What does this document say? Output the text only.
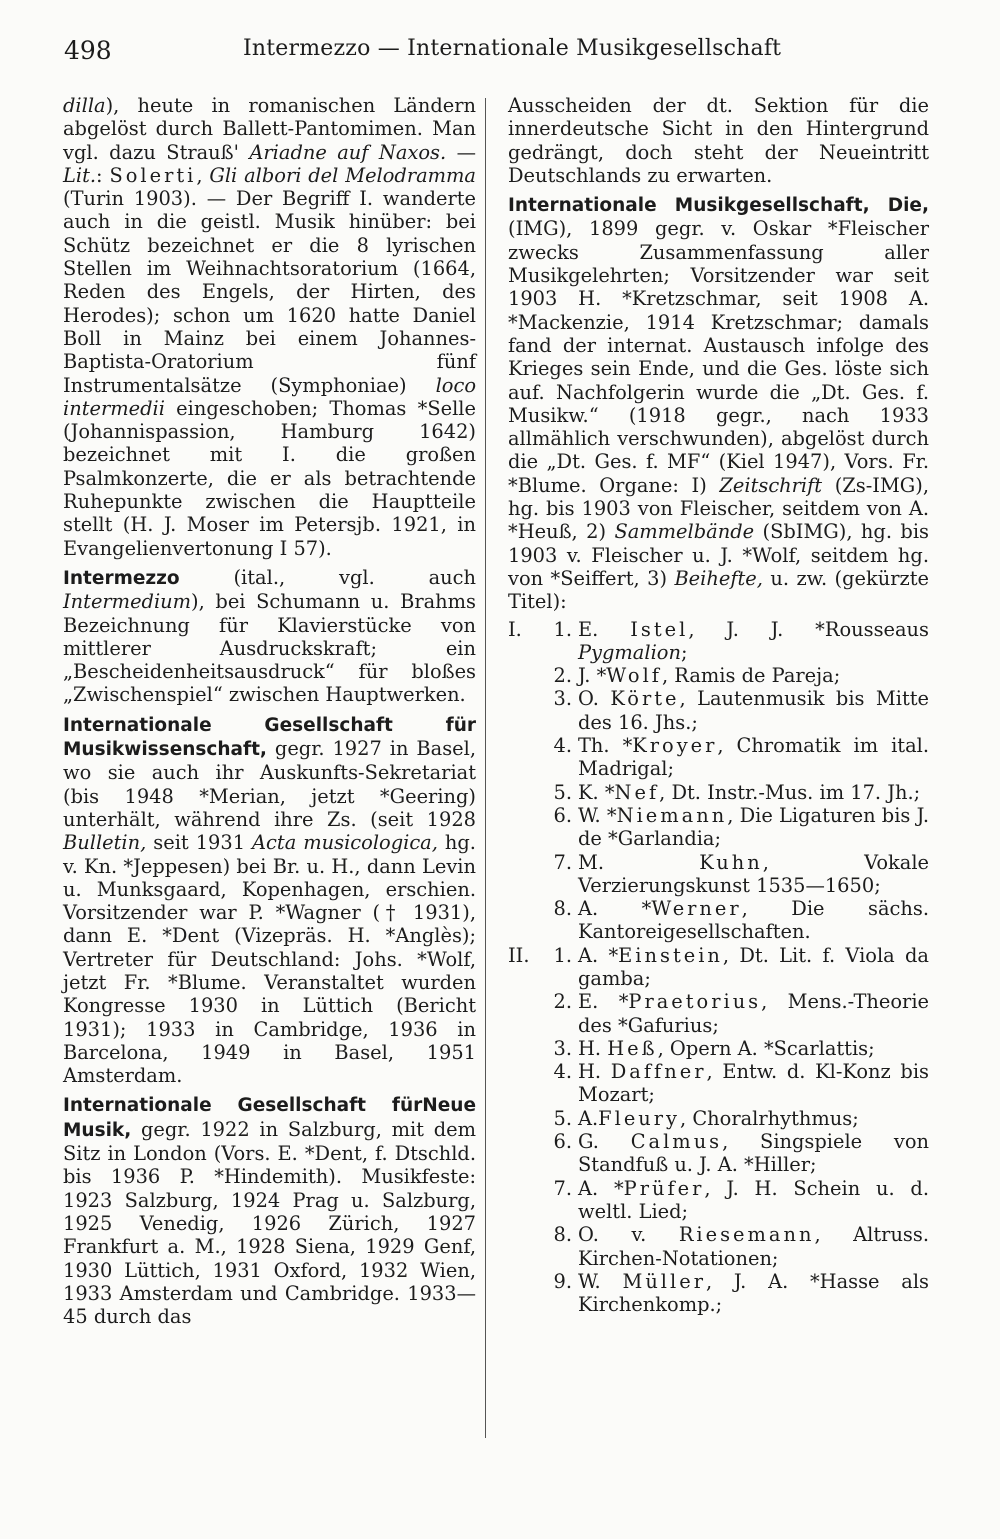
498	Intermezzo — Internationale Musikgesellschaft

dilla), heute in romanischen Ländern abgelöst durch Ballett-Pantomimen. Man vgl. dazu Strauß' Ariadne auf Naxos. — Lit.: Solerti, Gli albori del Melodramma (Turin 1903). — Der Begriff I. wanderte auch in die geistl. Musik hinüber: bei Schütz bezeichnet er die 8 lyrischen Stellen im Weihnachtsoratorium (1664, Reden des Engels, der Hirten, des Herodes); schon um 1620 hatte Daniel Boll in Mainz bei einem Johannes-Baptista-Oratorium fünf Instrumentalsätze (Symphoniae) loco intermedii eingeschoben; Thomas *Selle (Johannispassion, Hamburg 1642) bezeichnet mit I. die großen Psalmkonzerte, die er als betrachtende Ruhepunkte zwischen die Hauptteile stellt (H. J. Moser im Petersjb. 1921, in Evangelienvertonung I 57).

Intermezzo (ital., vgl. auch Intermedium), bei Schumann u. Brahms Bezeichnung für Klavierstücke von mittlerer Ausdruckskraft; ein „Bescheidenheitsausdruck“ für bloßes „Zwischenspiel“ zwischen Hauptwerken.

Internationale Gesellschaft für Musikwissenschaft, gegr. 1927 in Basel, wo sie auch ihr Auskunfts-Sekretariat (bis 1948 *Merian, jetzt *Geering) unterhält, während ihre Zs. (seit 1928 Bulletin, seit 1931 Acta musicologica, hg. v. Kn. *Jeppesen) bei Br. u. H., dann Levin u. Munksgaard, Kopenhagen, erschien. Vorsitzender war P. *Wagner († 1931), dann E. *Dent (Vizepräs. H. *Anglès); Vertreter für Deutschland: Johs. *Wolf, jetzt Fr. *Blume. Veranstaltet wurden Kongresse 1930 in Lüttich (Bericht 1931); 1933 in Cambridge, 1936 in Barcelona, 1949 in Basel, 1951 Amsterdam.

Internationale Gesellschaft fürNeue Musik, gegr. 1922 in Salzburg, mit dem Sitz in London (Vors. E. *Dent, f. Dtschld. bis 1936 P. *Hindemith). Musikfeste: 1923 Salzburg, 1924 Prag u. Salzburg, 1925 Venedig, 1926 Zürich, 1927 Frankfurt a. M., 1928 Siena, 1929 Genf, 1930 Lüttich, 1931 Oxford, 1932 Wien, 1933 Amsterdam und Cambridge. 1933—45 durch das

Ausscheiden der dt. Sektion für die innerdeutsche Sicht in den Hintergrund gedrängt, doch steht der Neueintritt Deutschlands zu erwarten.

Internationale Musikgesellschaft, Die, (IMG), 1899 gegr. v. Oskar *Fleischer zwecks Zusammenfassung aller Musikgelehrten; Vorsitzender war seit 1903 H. *Kretzschmar, seit 1908 A. *Mackenzie, 1914 Kretzschmar; damals fand der internat. Austausch infolge des Krieges sein Ende, und die Ges. löste sich auf. Nachfolgerin wurde die „Dt. Ges. f. Musikw.“ (1918 gegr., nach 1933 allmählich verschwunden), abgelöst durch die „Dt. Ges. f. MF“ (Kiel 1947), Vors. Fr. *Blume. Organe: I) Zeitschrift (Zs-IMG), hg. bis 1903 von Fleischer, seitdem von A. *Heuß, 2) Sammelbände (SbIMG), hg. bis 1903 v. Fleischer u. J. *Wolf, seitdem hg. von *Seiffert, 3) Beihefte, u. zw. (gekürzte Titel):

I.	1. E. Istel, J. J. *Rousseaus Pygmalion;
2. J. *Wolf, Ramis de Pareja;
3. O. Körte, Lautenmusik bis Mitte des 16. Jhs.;
4. Th. *Kroyer, Chromatik im ital. Madrigal;
5. K. *Nef, Dt. Instr.-Mus. im 17. Jh.;
6. W. *Niemann, Die Ligaturen bis J. de *Garlandia;
7. M. Kuhn, Vokale Verzierungskunst 1535—1650;
8. A. *Werner, Die sächs. Kantoreigesellschaften.
II.	1. A. *Einstein, Dt. Lit. f. Viola da gamba;
2. E. *Praetorius, Mens.-Theorie des *Gafurius;
3. H. Heß, Opern A. *Scarlattis;
4. H. Daffner, Entw. d. Kl-Konz bis Mozart;
5. A.Fleury, Choralrhythmus;
6. G. Calmus, Singspiele von Standfuß u. J. A. *Hiller;
7. A. *Prüfer, J. H. Schein u. d. weltl. Lied;
8. O. v. Riesemann, Altruss. Kirchen-Notationen;
9. W. Müller, J. A. *Hasse als Kirchenkomp.;
